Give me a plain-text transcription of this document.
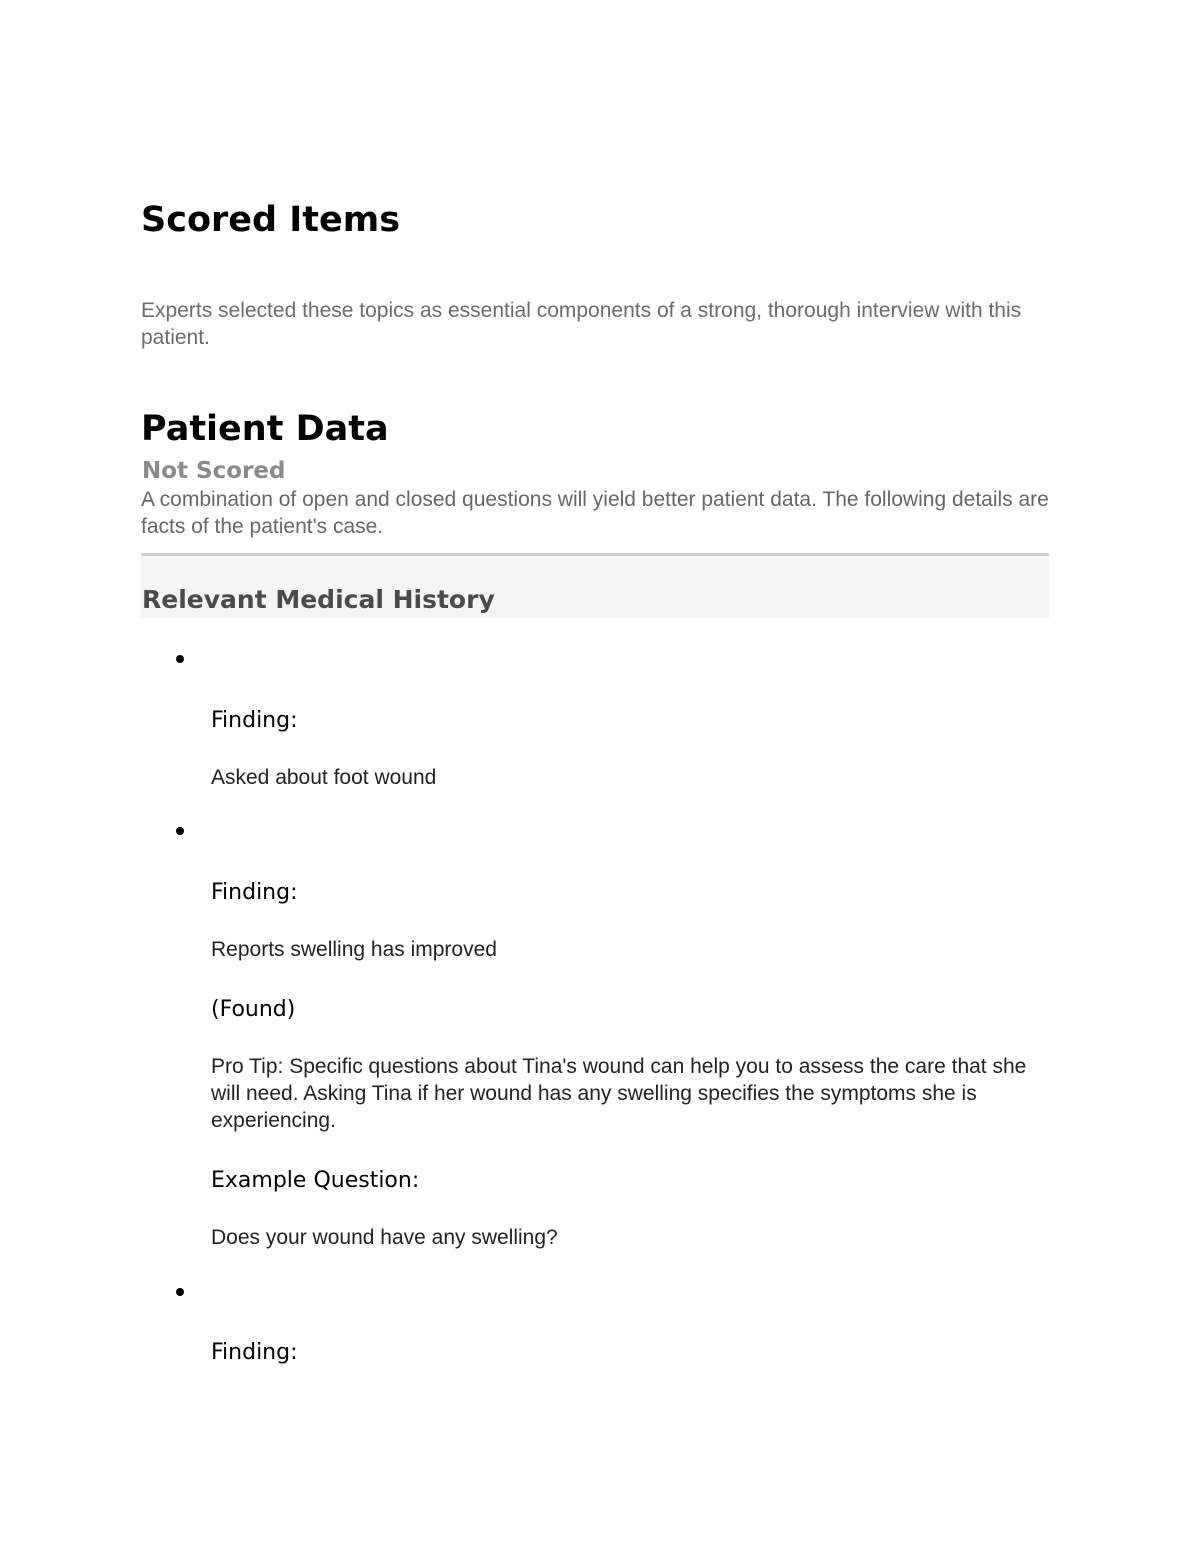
Scored Items

Experts selected these topics as essential components of a strong, thorough interview with this patient.

Patient Data

Not Scored

A combination of open and closed questions will yield better patient data. The following details are facts of the patient's case.

Relevant Medical History

Finding:

Asked about foot wound

Finding:

Reports swelling has improved

(Found)

Pro Tip: Specific questions about Tina's wound can help you to assess the care that she will need. Asking Tina if her wound has any swelling specifies the symptoms she is experiencing.

Example Question:

Does your wound have any swelling?

Finding:
